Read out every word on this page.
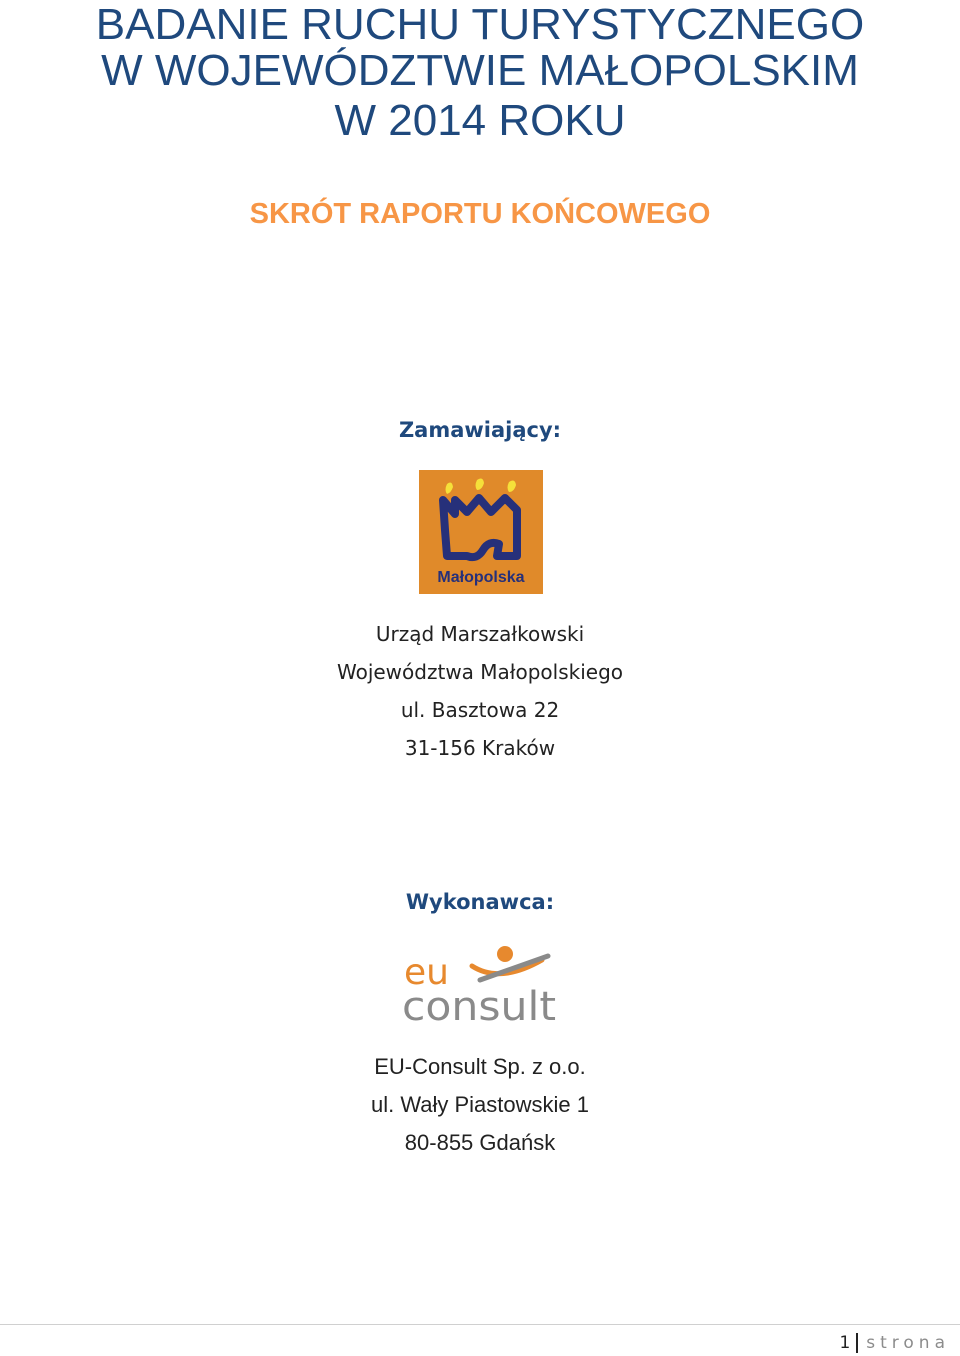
BADANIE RUCHU TURYSTYCZNEGO
W WOJEWÓDZTWIE MAŁOPOLSKIM
W 2014 ROKU
SKRÓT RAPORTU KOŃCOWEGO
Zamawiający:
Małopolska
Urząd Marszałkowski
Województwa Małopolskiego
ul. Basztowa 22
31-156 Kraków
Wykonawca:
eu
consult
EU-Consult Sp. z o.o.
ul. Wały Piastowskie 1
80-855 Gdańsk
1 strona
